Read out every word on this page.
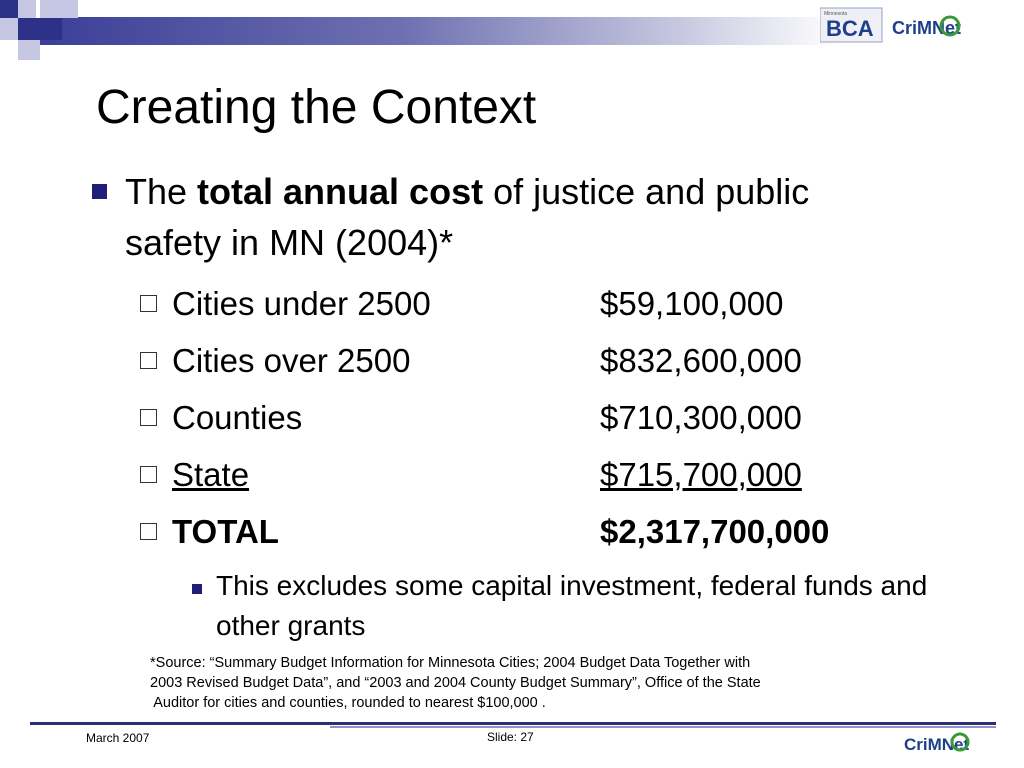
Minnesota
BCA CriMNet
Creating the Context
The total annual cost of justice and public safety in MN (2004)*
Cities under 2500	$59,100,000
Cities over 2500	$832,600,000
Counties	$710,300,000
State	$715,700,000
TOTAL	$2,317,700,000
This excludes some capital investment, federal funds and other grants
*Source: “Summary Budget Information for Minnesota Cities; 2004 Budget Data Together with
2003 Revised Budget Data”, and “2003 and 2004 County Budget Summary”, Office of the State
Auditor for cities and counties, rounded to nearest $100,000 .
March 2007	Slide: 27	CriMNet
